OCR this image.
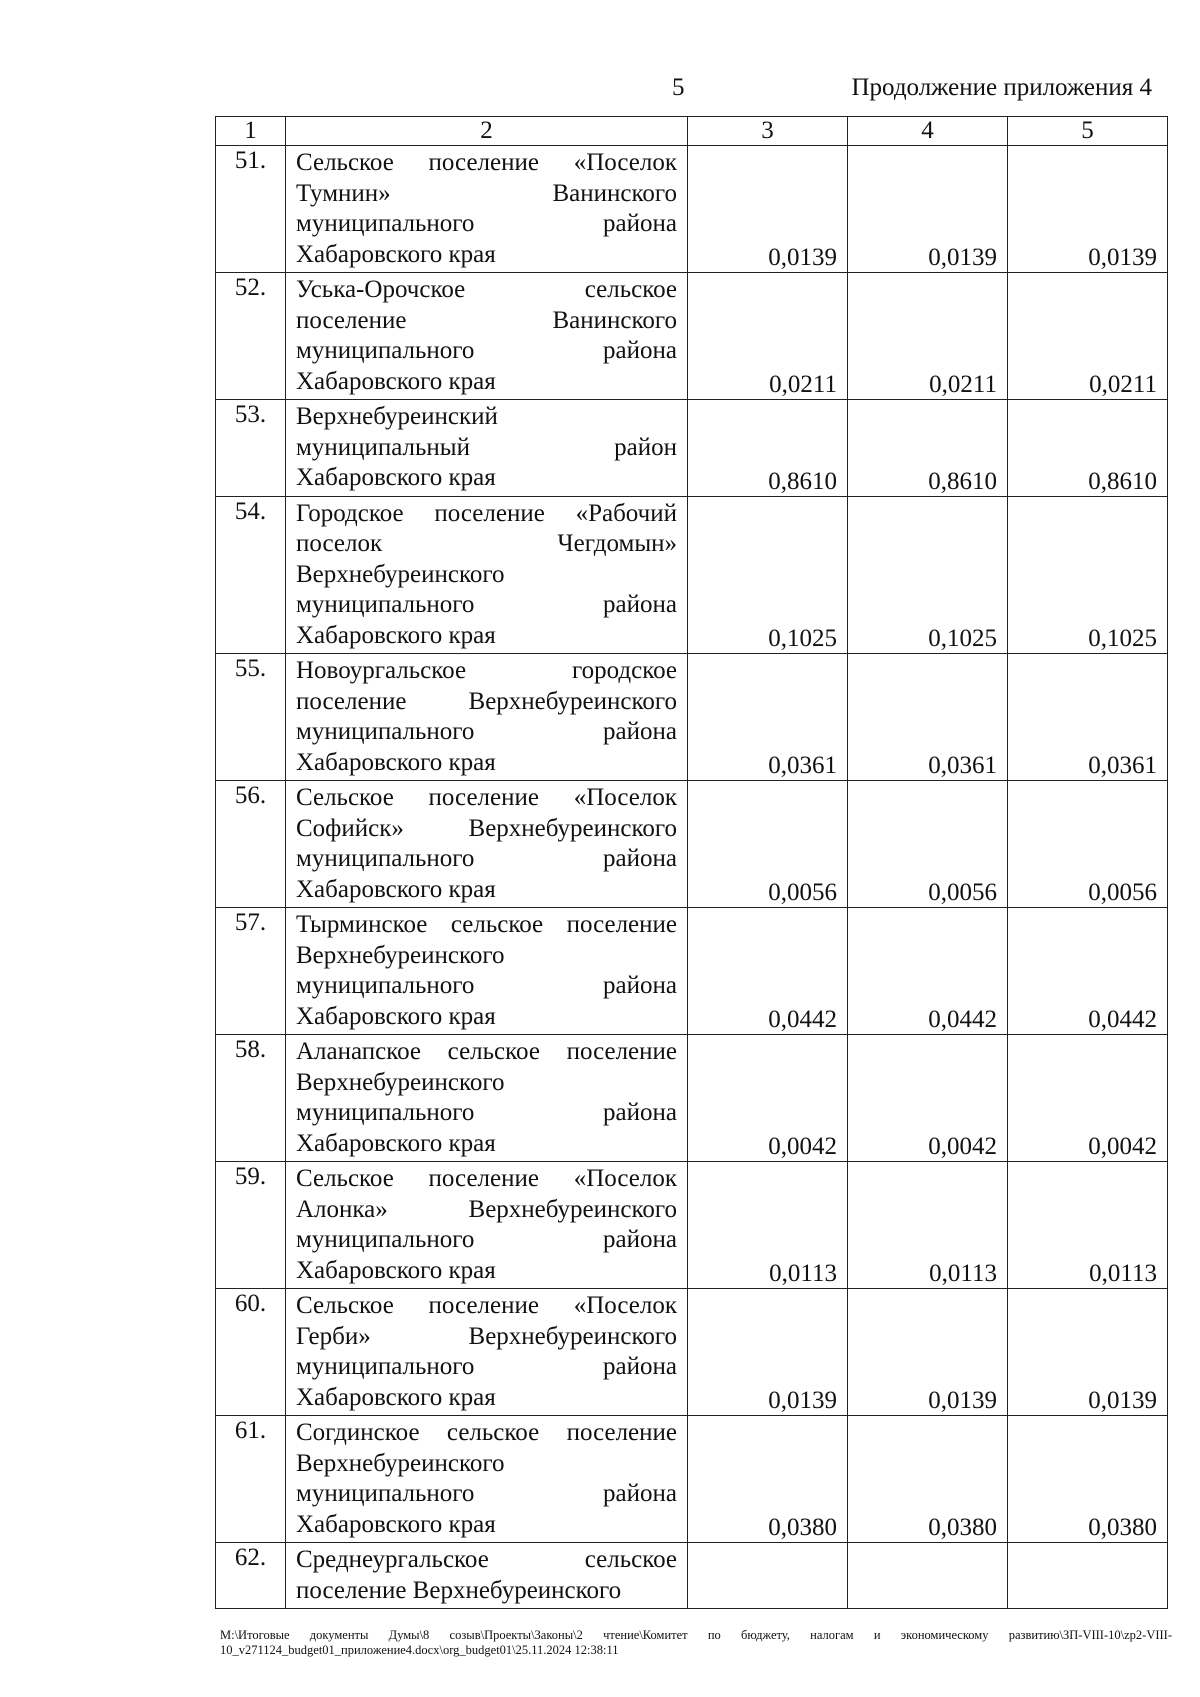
5	Продолжение приложения 4
1	2	3	4	5
51.	Сельское поселение «Поселок
Тумнин» Ванинского
муниципального района
Хабаровского края	0,0139	0,0139	0,0139
52.	Уська-Орочское сельское
поселение Ванинского
муниципального района
Хабаровского края	0,0211	0,0211	0,0211
53.	Верхнебуреинский
муниципальный район
Хабаровского края	0,8610	0,8610	0,8610
54.	Городское поселение «Рабочий
поселок Чегдомын»
Верхнебуреинского
муниципального района
Хабаровского края	0,1025	0,1025	0,1025
55.	Новоургальское городское
поселение Верхнебуреинского
муниципального района
Хабаровского края	0,0361	0,0361	0,0361
56.	Сельское поселение «Поселок
Софийск» Верхнебуреинского
муниципального района
Хабаровского края	0,0056	0,0056	0,0056
57.	Тырминское сельское поселение
Верхнебуреинского
муниципального района
Хабаровского края	0,0442	0,0442	0,0442
58.	Аланапское сельское поселение
Верхнебуреинского
муниципального района
Хабаровского края	0,0042	0,0042	0,0042
59.	Сельское поселение «Поселок
Алонка» Верхнебуреинского
муниципального района
Хабаровского края	0,0113	0,0113	0,0113
60.	Сельское поселение «Поселок
Герби» Верхнебуреинского
муниципального района
Хабаровского края	0,0139	0,0139	0,0139
61.	Согдинское сельское поселение
Верхнебуреинского
муниципального района
Хабаровского края	0,0380	0,0380	0,0380
62.	Среднеургальское сельское
поселение Верхнебуреинского			

M:\Итоговые документы Думы\8 созыв\Проекты\Законы\2 чтение\Комитет по бюджету, налогам и экономическому развитию\ЗП-VIII-10\zp2-VIII-
10_v271124_budget01_приложение4.docx\org_budget01\25.11.2024 12:38:11
